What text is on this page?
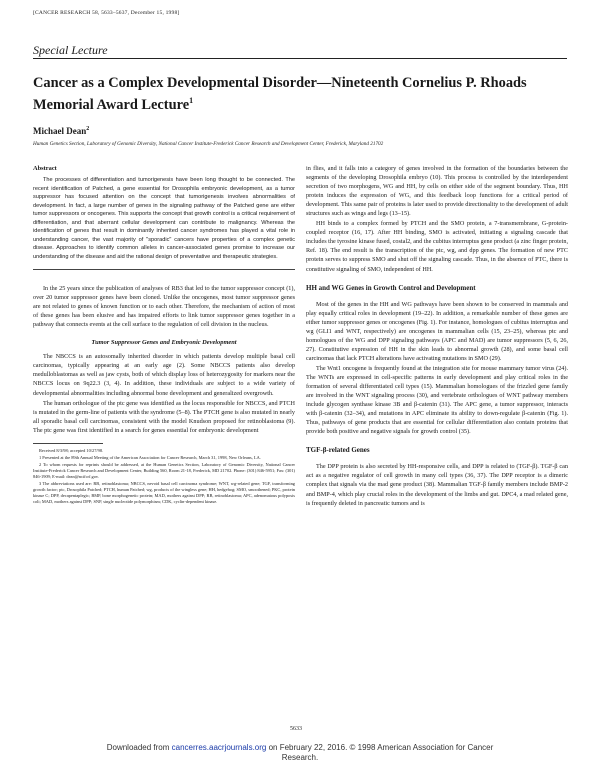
[CANCER RESEARCH 58, 5633–5637, December 15, 1998]
Special Lecture
Cancer as a Complex Developmental Disorder—Nineteenth Cornelius P. Rhoads Memorial Award Lecture$^1$
Michael Dean$^2$
Human Genetics Section, Laboratory of Genomic Diversity, National Cancer Institute-Frederick Cancer Research and Development Center, Frederick, Maryland 21702
Abstract
The processes of differentiation and tumorigenesis have been long thought to be connected. The recent identification of Patched, a gene essential for Drosophila embryonic development, as a tumor suppressor has focused attention on the concept that tumorigenesis involves abnormalities of development. In fact, a large number of genes in the signaling pathway of the Patched gene are either tumor suppressors or oncogenes. This supports the concept that growth control is a critical requirement of differentiation, and that aberrant cellular development can contribute to malignancy. Whereas the identification of genes that result in dominantly inherited cancer syndromes has played a vital role in understanding cancer, the vast majority of "sporadic" cancers have properties of a complex genetic disease. Approaches to identify common alleles in cancer-associated genes promise to increase our understanding of the disease and aid the rational design of preventative and therapeutic strategies.

In the 25 years since the publication of analyses of RB3 that led to the tumor suppressor concept (1), over 20 tumor suppressor genes have been cloned. Unlike the oncogenes, most tumor suppressor genes are not related to genes of known function or to each other. Therefore, the mechanism of action of most of these genes has been elusive and has impaired efforts to link tumor suppressor genes together in a pathway that connects events at the cell surface to the regulation of cell division in the nucleus.

Tumor Suppressor Genes and Embryonic Development

The NBCCS is an autosomally inherited disorder in which patients develop multiple basal cell carcinomas, typically appearing at an early age (2). Some NBCCS patients also develop medulloblastomas as well as jaw cysts, both of which display loss of heterozygosity for markers near the NBCCS locus on 9q22.3 (3, 4). In addition, these individuals are subject to a wide variety of developmental abnormalities including abnormal bone development and generalized overgrowth.

The human orthologue of the ptc gene was identified as the locus responsible for NBCCS, and PTCH is mutated in the germ-line of patients with the syndrome (5–8). The PTCH gene is also mutated in nearly all sporadic basal cell carcinomas, consistent with the model Knudson proposed for retinoblastoma (9). The ptc gene was first identified in a search for genes essential for embryonic development

Received 8/3/98; accepted 10/27/98.

1 Presented at the 89th Annual Meeting of the American Association for Cancer Research, March 31, 1998, New Orleans, LA.

2 To whom requests for reprints should be addressed, at the Human Genetics Section, Laboratory of Genomic Diversity, National Cancer Institute-Frederick Cancer Research and Development Center, Building 560, Room 21-18, Frederick, MD 21702. Phone: (301) 846-5951; Fax: (301) 846-1909; E-mail: dean@ncifcrf.gov.

3 The abbreviations used are: RB, retinoblastoma; NBCCS, nevoid basal cell carcinoma syndrome; WNT, wg-related gene; TGF, transforming growth factor; ptc, Drosophila Patched; PTCH, human Patched; wg, products of the wingless gene; HH, hedgehog; SMO, smoothened; PKC, protein kinase C; DPP, decapentaplegic; BMP, bone morphogenetic protein; MAD, mothers against DPP; RB, retinoblastoma; APC, adenomatous polyposis coli; MAD, mothers against DPP; SNP, single nucleotide polymorphism; CDK, cyclin-dependent kinase.

in flies, and it falls into a category of genes involved in the formation of the boundaries between the segments of the developing Drosophila embryo (10). This process is controlled by the interdependent secretion of two morphogens, WG and HH, by cells on either side of the segment boundary. Thus, HH protein induces the expression of WG, and this feedback loop functions for a critical period of development. This same pair of proteins is later used to provide directionality to the development of adult structures such as wings and legs (13–15).

HH binds to a complex formed by PTCH and the SMO protein, a 7-transmembrane, G-protein-coupled receptor (16, 17). After HH binding, SMO is activated, initiating a signaling cascade that includes the tyrosine kinase fused, costal2, and the cubitus interruptus gene product (a zinc finger protein, Ref. 18). The end result is the transcription of the ptc, wg, and dpp genes. The formation of new PTC protein serves to suppress SMO and shut off the signaling cascade. Thus, in the absence of PTC, there is constitutive signaling of SMO, independent of HH.

HH and WG Genes in Growth Control and Development

Most of the genes in the HH and WG pathways have been shown to be conserved in mammals and play equally critical roles in development (19–22). In addition, a remarkable number of these genes are either tumor suppressor genes or oncogenes (Fig. 1). For instance, homologues of cubitus interruptus and wg (GLI1 and WNT, respectively) are oncogenes in mammalian cells (15, 23–25), whereas ptc and homologues of the WG and DPP signaling pathways (APC and MAD) are tumor suppressors (5, 6, 26, 27). Constitutive expression of HH in the skin leads to abnormal growth (28), and some basal cell carcinomas that lack PTCH alterations have activating mutations in SMO (29).

The Wnt1 oncogene is frequently found at the integration site for mouse mammary tumor virus (24). The WNTs are expressed in cell-specific patterns in early development and play critical roles in the formation of several differentiated cell types (15). Mammalian homologues of the frizzled gene family are involved in the WNT signaling process (30), and vertebrate orthologues of WNT pathway members include glycogen synthase kinase 3B and β-catenin (31). The APC gene, a tumor suppressor, interacts with β-catenin (32–34), and mutations in APC eliminate its ability to down-regulate β-catenin (Fig. 1). Thus, pathways of gene products that are essential for cellular differentiation also contain proteins that provide both positive and negative signals for growth control (35).

TGF-β-related Genes

The DPP protein is also secreted by HH-responsive cells, and DPP is related to (TGF-β). TGF-β can act as a negative regulator of cell growth in many cell types (36, 37). The DPP receptor is a dimeric complex that signals via the mad gene product (38). Mammalian TGF-β family members include BMP-2 and BMP-4, which play crucial roles in the development of the limbs and gut. DPC4, a mad related gene, is frequently deleted in pancreatic tumors and is

5633
Downloaded from cancerres.aacrjournals.org on February 22, 2016. © 1998 American Association for Cancer
Research.
